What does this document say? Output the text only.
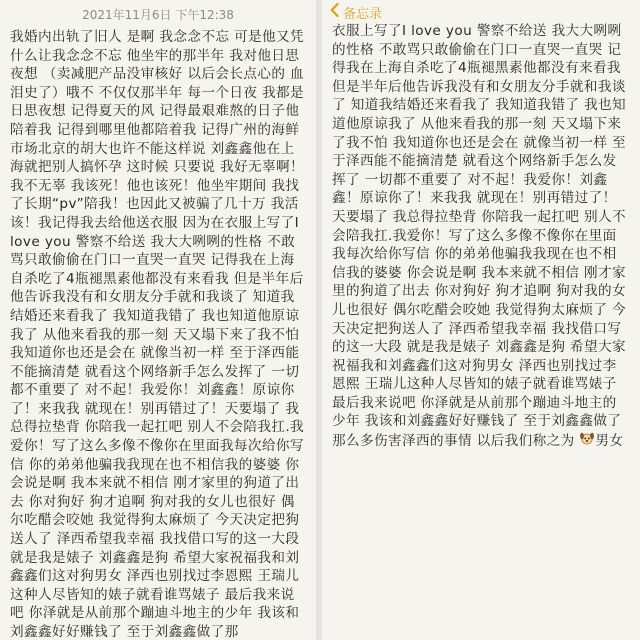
2021年11月6日 下午12:38
我婚内出轨了旧人 是啊 我念念不忘 可是他又凭什么让我念念不忘 他坐牢的那半年 我对他日思夜想 （卖减肥产品没审核好 以后会长点心的 血泪史了）哦不 不仅仅那半年 每一个日夜 我都是日思夜想 记得夏天的风 记得最艰难熬的日子他陪着我 记得到哪里他都陪着我 记得广州的海鲜市场北京的胡大也许不能这样说 刘鑫鑫他在上海就把别人搞怀孕 这时候 只要说 我好无辜啊！我不无辜 我该死！他也该死！他坐牢期间 我找了长期“pv”陪我！也因此又被骗了几十万 我活该！我记得我去给他送衣服 因为在衣服上写了I love you 警察不给送 我大大咧咧的性格 不敢骂只敢偷偷在门口一直哭一直哭 记得我在上海自杀吃了4瓶褪黑素他都没有来看我 但是半年后他告诉我没有和女朋友分手就和我谈了 知道我结婚还来看我了 我知道我错了 我也知道他原谅我了 从他来看我的那一刻 天又塌下来了我不怕 我知道你也还是会在 就像当初一样 至于泽西能不能摘清楚 就看这个网络新手怎么发挥了 一切都不重要了 对不起！我爱你！刘鑫鑫！原谅你了！来我我 就现在！别再错过了！天要塌了 我总得拉垫背 你陪我一起扛吧 别人不会陪我扛.我爱你！写了这么多像不像你在里面我每次给你写信 你的弟弟他骗我我现在也不相信我的婆婆 你会说是啊 我本来就不相信 刚才家里的狗道了出去 你对狗好 狗才追啊 狗对我的女儿也很好 偶尔吃醋会咬她 我觉得狗太麻烦了 今天决定把狗送人了 泽西希望我幸福 我找借口写的这一大段 就是我是婊子 刘鑫鑫是狗 希望大家祝福我和刘鑫鑫们这对狗男女 泽西也别找过李恩熙 王瑞儿这种人尽皆知的婊子就看谁骂婊子 最后我来说吧 你泽就是从前那个蹦迪斗地主的少年 我该和刘鑫鑫好好赚钱了 至于刘鑫鑫做了那
备忘录
衣服上写了I love you 警察不给送 我大大咧咧的性格 不敢骂只敢偷偷在门口一直哭一直哭 记得我在上海自杀吃了4瓶褪黑素他都没有来看我 但是半年后他告诉我没有和女朋友分手就和我谈了 知道我结婚还来看我了 我知道我错了 我也知道他原谅我了 从他来看我的那一刻 天又塌下来了我不怕 我知道你也还是会在 就像当初一样 至于泽西能不能摘清楚 就看这个网络新手怎么发挥了 一切都不重要了 对不起！我爱你！刘鑫鑫！原谅你了！来我我 就现在！别再错过了！天要塌了 我总得拉垫背 你陪我一起扛吧 别人不会陪我扛.我爱你！写了这么多像不像你在里面我每次给你写信 你的弟弟他骗我我现在也不相信我的婆婆 你会说是啊 我本来就不相信 刚才家里的狗道了出去 你对狗好 狗才追啊 狗对我的女儿也很好 偶尔吃醋会咬她 我觉得狗太麻烦了 今天决定把狗送人了 泽西希望我幸福 我找借口写的这一大段 就是我是婊子 刘鑫鑫是狗 希望大家祝福我和刘鑫鑫们这对狗男女 泽西也别找过李恩熙 王瑞儿这种人尽皆知的婊子就看谁骂婊子 最后我来说吧 你泽就是从前那个蹦迪斗地主的少年 我该和刘鑫鑫好好赚钱了 至于刘鑫鑫做了那么多伤害泽西的事情 以后我们称之为 男女
